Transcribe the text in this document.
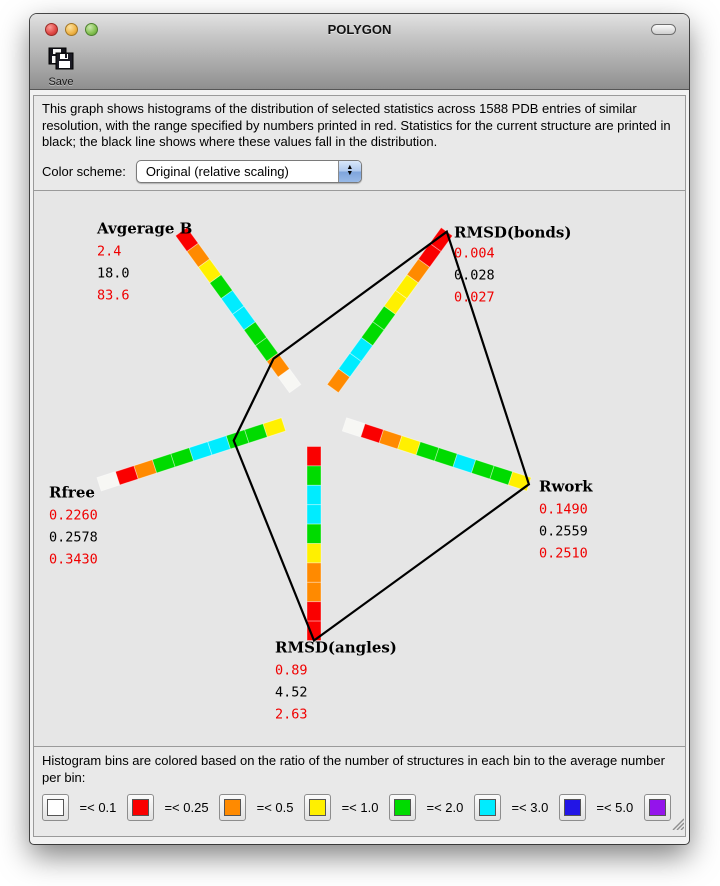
POLYGON
Save
This graph shows histograms of the distribution of selected statistics across 1588 PDB entries of similar resolution, with the range specified by numbers printed in red. Statistics for the current structure are printed in black; the black line shows where these values fall in the distribution.
Color scheme:	Original (relative scaling)	▲
▼
Avgerage B
2.4
18.0
83.6
RMSD(bonds)
0.004
0.028
0.027
Rwork
0.1490
0.2559
0.2510
RMSD(angles)
0.89
4.52
2.63
Rfree
0.2260
0.2578
0.3430
Histogram bins are colored based on the ratio of the number of structures in each bin to the average number per bin:
=< 0.1	=< 0.25	=< 0.5	=< 1.0	=< 2.0	=< 3.0	=< 5.0
